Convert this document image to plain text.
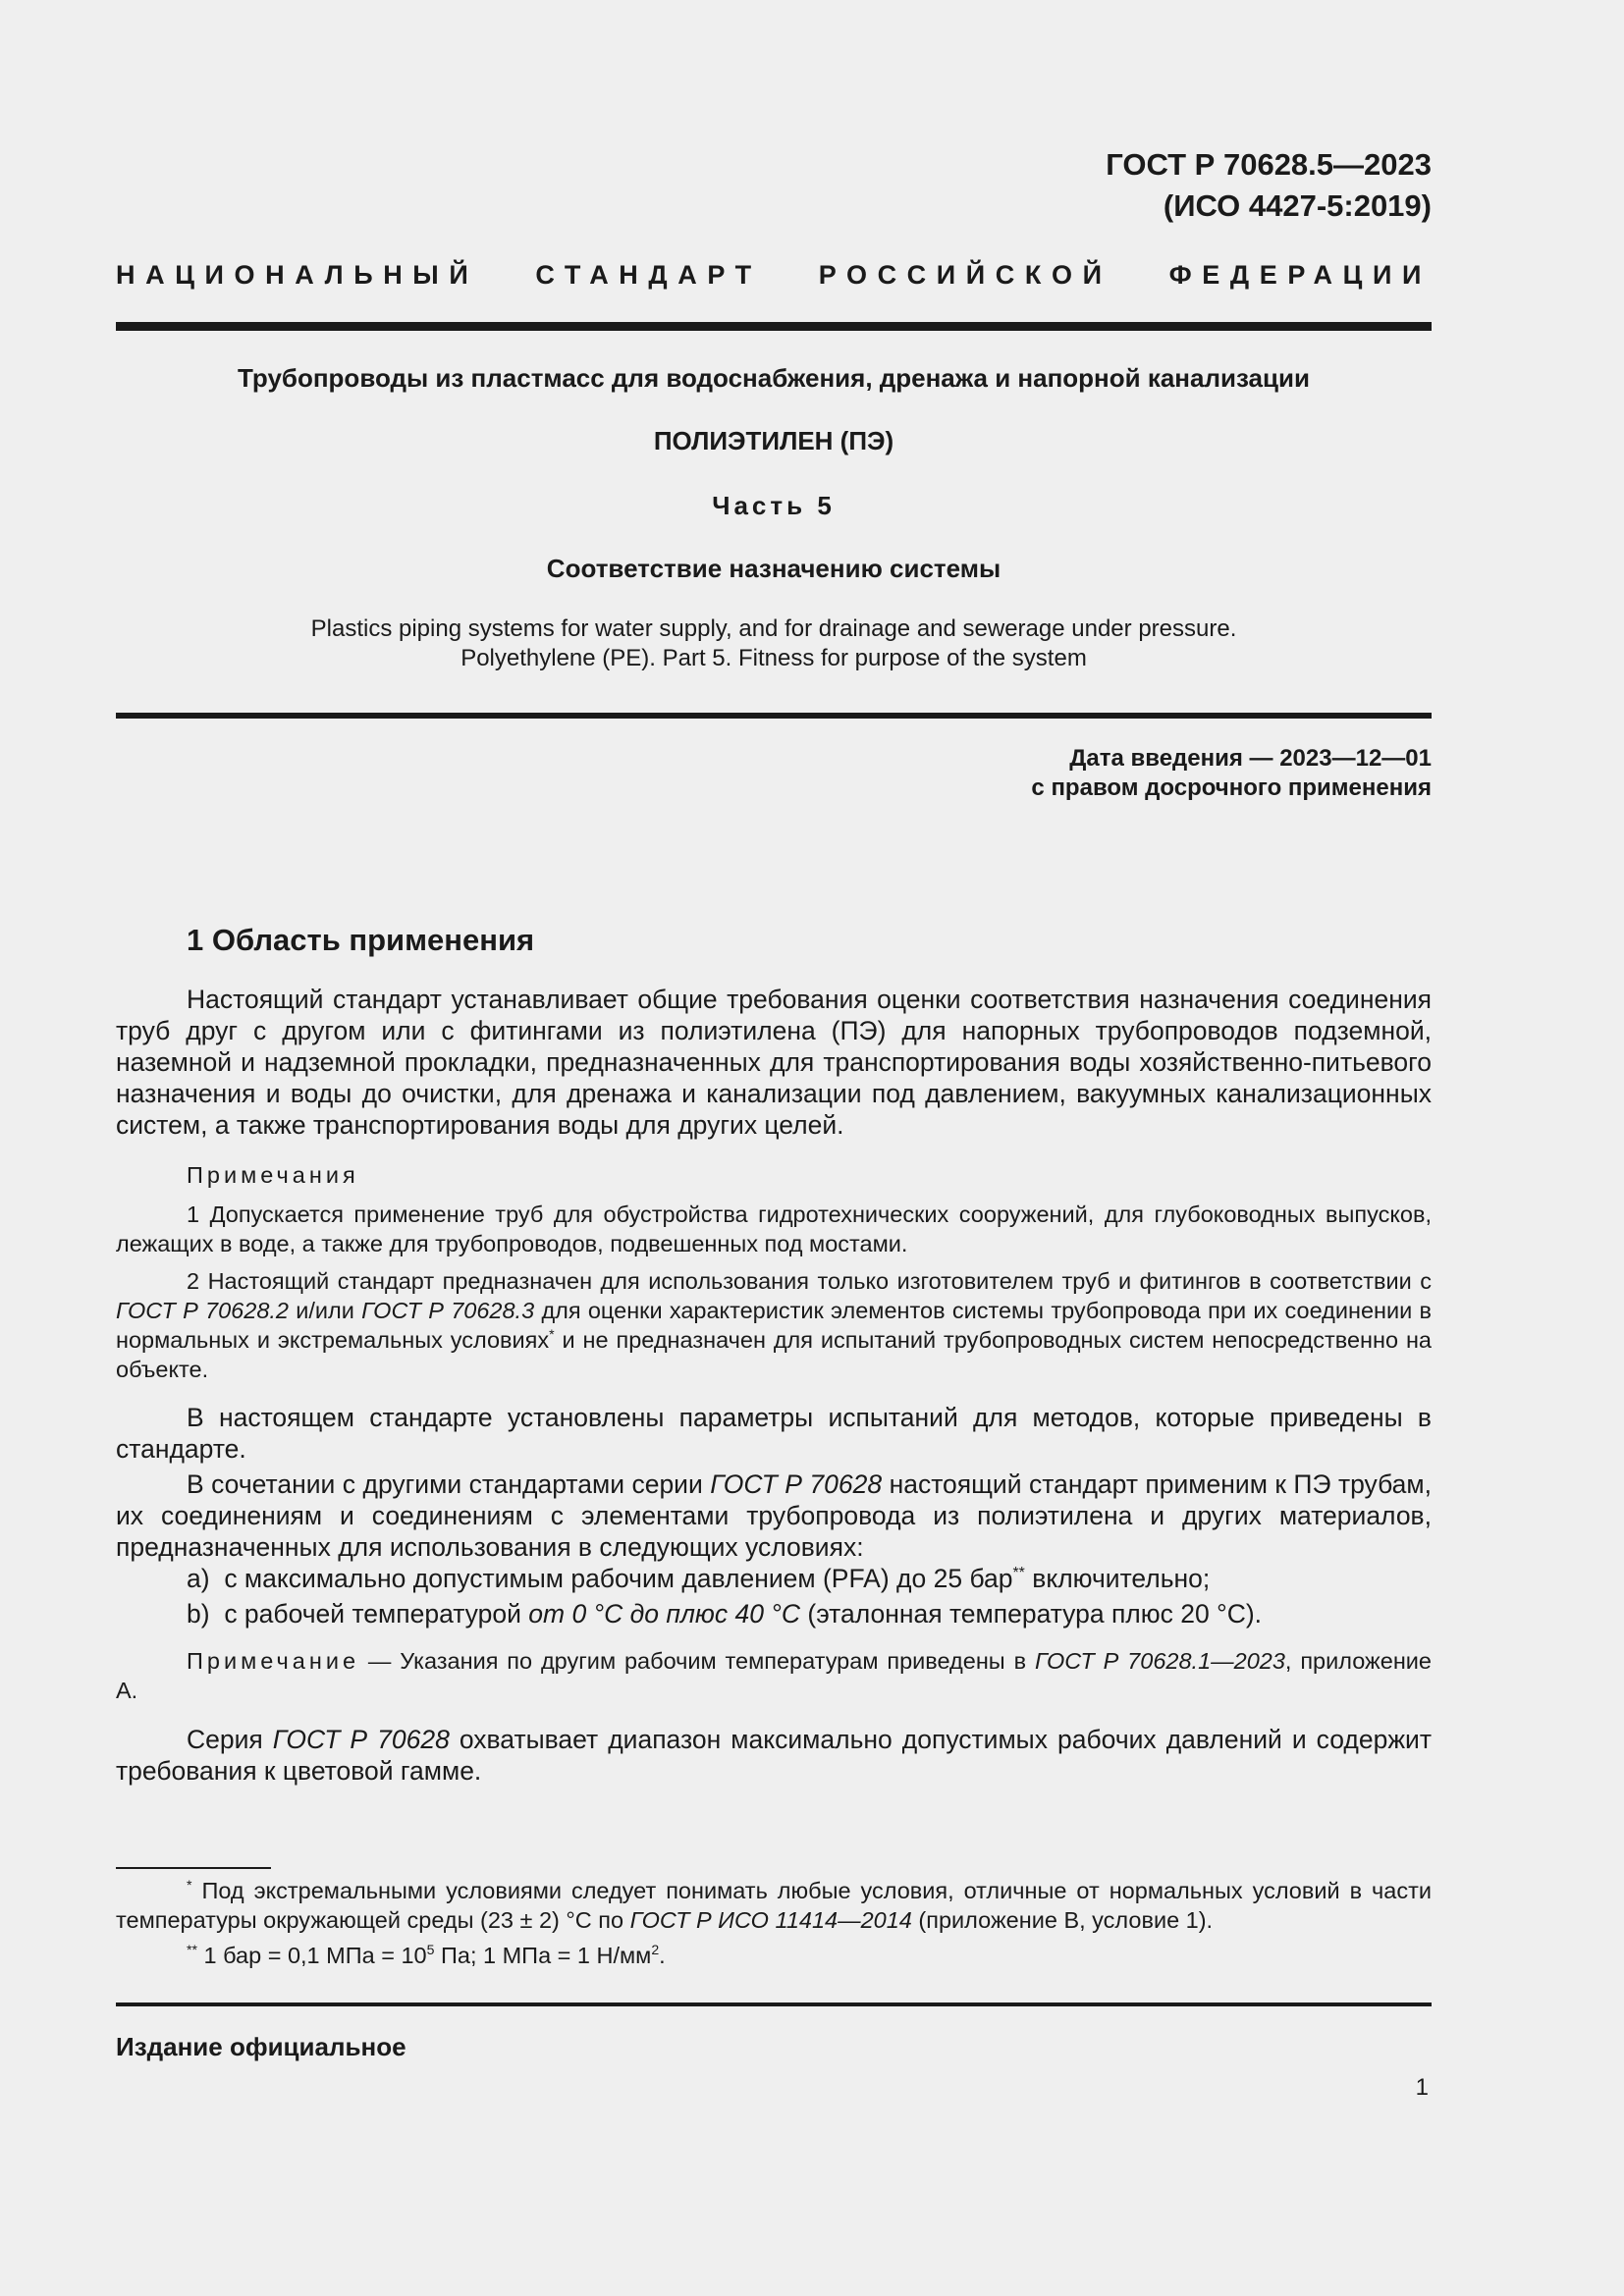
ГОСТ Р 70628.5—2023
(ИСО 4427-5:2019)
НАЦИОНАЛЬНЫЙ СТАНДАРТ РОССИЙСКОЙ ФЕДЕРАЦИИ
Трубопроводы из пластмасс для водоснабжения, дренажа и напорной канализации
ПОЛИЭТИЛЕН (ПЭ)
Часть 5
Соответствие назначению системы
Plastics piping systems for water supply, and for drainage and sewerage under pressure.
Polyethylene (PE). Part 5. Fitness for purpose of the system
Дата введения — 2023—12—01
с правом досрочного применения
1 Область применения
Настоящий стандарт устанавливает общие требования оценки соответствия назначения соединения труб друг с другом или с фитингами из полиэтилена (ПЭ) для напорных трубопроводов подземной, наземной и надземной прокладки, предназначенных для транспортирования воды хозяйственно-питьевого назначения и воды до очистки, для дренажа и канализации под давлением, вакуумных канализационных систем, а также транспортирования воды для других целей.
Примечания
1 Допускается применение труб для обустройства гидротехнических сооружений, для глубоководных выпусков, лежащих в воде, а также для трубопроводов, подвешенных под мостами.
2 Настоящий стандарт предназначен для использования только изготовителем труб и фитингов в соответствии с ГОСТ Р 70628.2 и/или ГОСТ Р 70628.3 для оценки характеристик элементов системы трубопровода при их соединении в нормальных и экстремальных условиях* и не предназначен для испытаний трубопроводных систем непосредственно на объекте.
В настоящем стандарте установлены параметры испытаний для методов, которые приведены в стандарте.
В сочетании с другими стандартами серии ГОСТ Р 70628 настоящий стандарт применим к ПЭ трубам, их соединениям и соединениям с элементами трубопровода из полиэтилена и других материалов, предназначенных для использования в следующих условиях:
a) с максимально допустимым рабочим давлением (PFA) до 25 бар** включительно;
b) с рабочей температурой от 0 °C до плюс 40 °C (эталонная температура плюс 20 °C).
Примечание — Указания по другим рабочим температурам приведены в ГОСТ Р 70628.1—2023, приложение А.
Серия ГОСТ Р 70628 охватывает диапазон максимально допустимых рабочих давлений и содержит требования к цветовой гамме.
* Под экстремальными условиями следует понимать любые условия, отличные от нормальных условий в части температуры окружающей среды (23 ± 2) °С по ГОСТ Р ИСО 11414—2014 (приложение В, условие 1).
** 1 бар = 0,1 МПа = $10^5$ Па; 1 МПа = 1 $Н/мм^2$.
Издание официальное
1
